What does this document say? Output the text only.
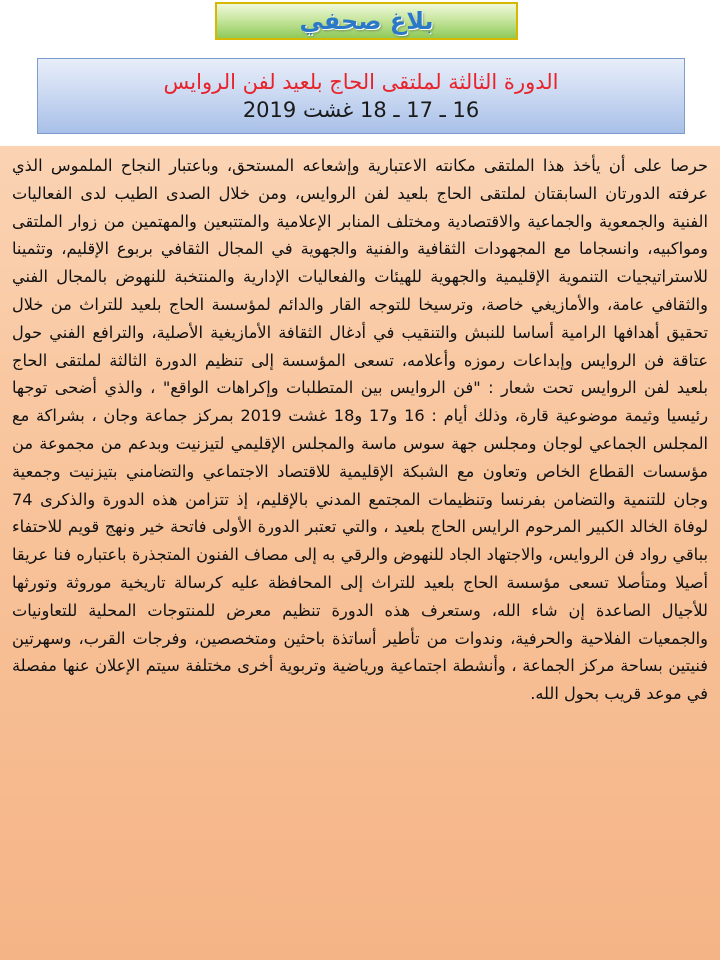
بلاغ صحفي
الدورة الثالثة لملتقى الحاج بلعيد لفن الروايس
16 ـ 17 ـ 18 غشت 2019

حرصا على أن يأخذ هذا الملتقى مكانته الاعتبارية وإشعاعه المستحق، وباعتبار النجاح الملموس الذي عرفته الدورتان السابقتان لملتقى الحاج بلعيد لفن الروايس، ومن خلال الصدى الطيب لدى الفعاليات الفنية والجمعوية والجماعية والاقتصادية ومختلف المنابر الإعلامية والمتتبعين والمهتمين من زوار الملتقى ومواكبيه، وانسجاما مع المجهودات الثقافية والفنية والجهوية في المجال الثقافي بربوع الإقليم، وتثمينا للاستراتيجيات التنموية الإقليمية والجهوية للهيئات والفعاليات الإدارية والمنتخبة للنهوض بالمجال الفني والثقافي عامة، والأمازيغي خاصة، وترسيخا للتوجه القار والدائم لمؤسسة الحاج بلعيد للتراث من خلال تحقيق أهدافها الرامية أساسا للنبش والتنقيب في أدغال الثقافة الأمازيغية الأصلية، والترافع الفني حول عتاقة فن الروايس وإبداعات رموزه وأعلامه، تسعى المؤسسة إلى تنظيم الدورة الثالثة لملتقى الحاج بلعيد لفن الروايس تحت شعار : "فن الروايس بين المتطلبات وإكراهات الواقع" ، والذي أضحى توجها رئيسيا وثيمة موضوعية قارة، وذلك أيام : 16 و17 و18 غشت 2019 بمركز جماعة وجان ، بشراكة مع المجلس الجماعي لوجان ومجلس جهة سوس ماسة والمجلس الإقليمي لتيزنيت وبدعم من مجموعة من مؤسسات القطاع الخاص وتعاون مع الشبكة الإقليمية للاقتصاد الاجتماعي والتضامني بتيزنيت وجمعية وجان للتنمية والتضامن بفرنسا وتنظيمات المجتمع المدني بالإقليم، إذ تتزامن هذه الدورة والذكرى 74 لوفاة الخالد الكبير المرحوم الرايس الحاج بلعيد ، والتي تعتبر الدورة الأولى فاتحة خير ونهج قويم للاحتفاء بباقي رواد فن الروايس، والاجتهاد الجاد للنهوض والرقي به إلى مصاف الفنون المتجذرة باعتباره فنا عريقا أصيلا ومتأصلا تسعى مؤسسة الحاج بلعيد للتراث إلى المحافظة عليه كرسالة تاريخية موروثة وتورثها للأجيال الصاعدة إن شاء الله، وستعرف هذه الدورة تنظيم معرض للمنتوجات المحلية للتعاونيات والجمعيات الفلاحية والحرفية، وندوات من تأطير أساتذة باحثين ومتخصصين، وفرجات القرب، وسهرتين فنيتين بساحة مركز الجماعة ، وأنشطة اجتماعية ورياضية وتربوية أخرى مختلفة سيتم الإعلان عنها مفصلة في موعد قريب بحول الله.
